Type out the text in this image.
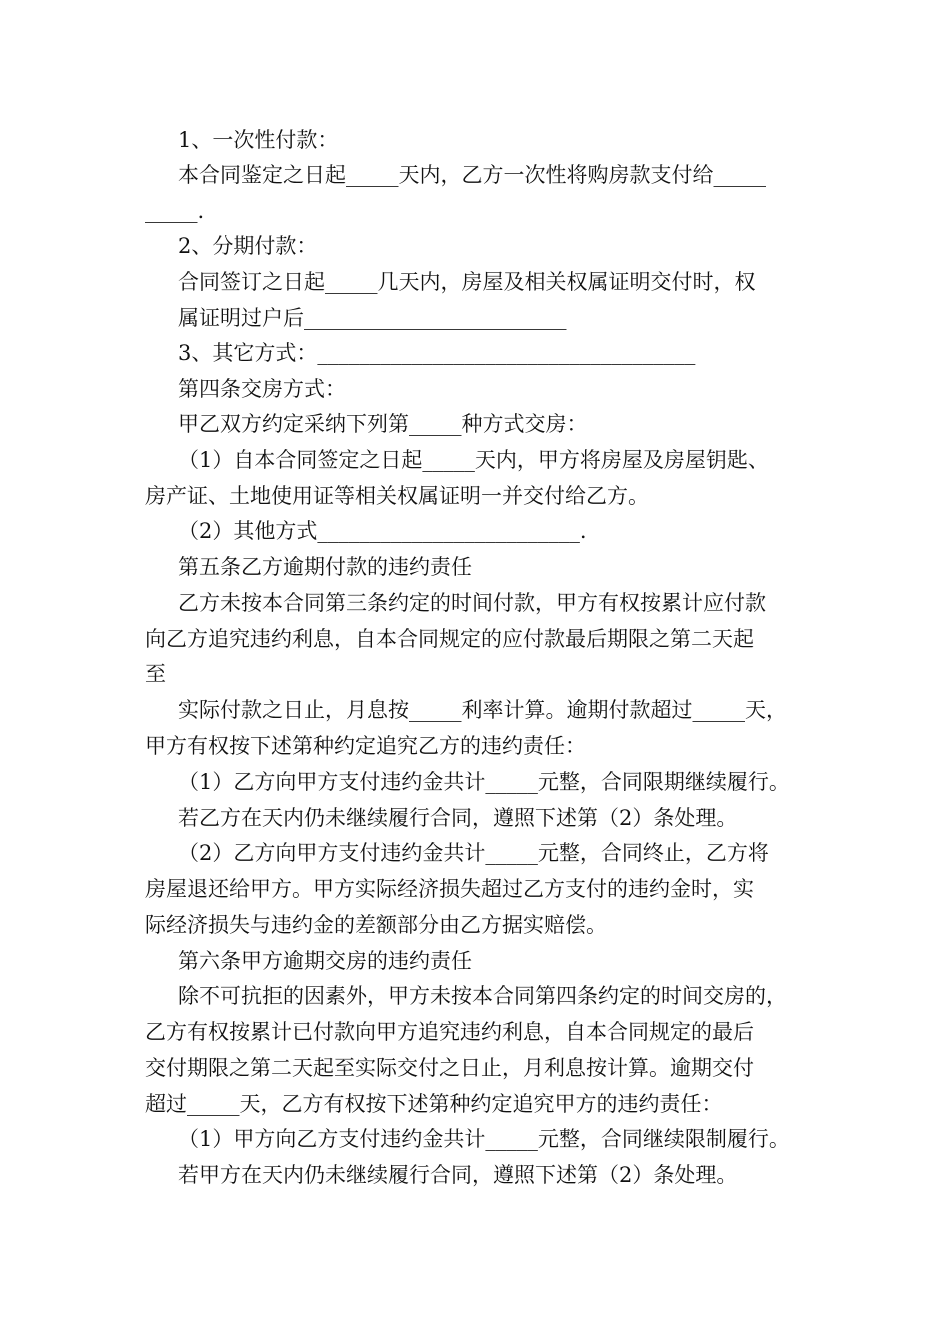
1、一次性付款：
本合同鉴定之日起_____天内，乙方一次性将购房款支付给_____
_____.
2、分期付款：
合同签订之日起_____几天内，房屋及相关权属证明交付时，权
属证明过户后_________________________
3、其它方式：____________________________________
第四条交房方式：
甲乙双方约定采纳下列第_____种方式交房：
（1）自本合同签定之日起_____天内，甲方将房屋及房屋钥匙、
房产证、土地使用证等相关权属证明一并交付给乙方。
（2）其他方式_________________________.
第五条乙方逾期付款的违约责任
乙方未按本合同第三条约定的时间付款，甲方有权按累计应付款
向乙方追究违约利息，自本合同规定的应付款最后期限之第二天起
至
实际付款之日止，月息按_____利率计算。逾期付款超过_____天，
甲方有权按下述第种约定追究乙方的违约责任：
（1）乙方向甲方支付违约金共计_____元整，合同限期继续履行。
若乙方在天内仍未继续履行合同，遵照下述第（2）条处理。
（2）乙方向甲方支付违约金共计_____元整，合同终止，乙方将
房屋退还给甲方。甲方实际经济损失超过乙方支付的违约金时，实
际经济损失与违约金的差额部分由乙方据实赔偿。
第六条甲方逾期交房的违约责任
除不可抗拒的因素外，甲方未按本合同第四条约定的时间交房的，
乙方有权按累计已付款向甲方追究违约利息，自本合同规定的最后
交付期限之第二天起至实际交付之日止，月利息按计算。逾期交付
超过_____天，乙方有权按下述第种约定追究甲方的违约责任：
（1）甲方向乙方支付违约金共计_____元整，合同继续限制履行。
若甲方在天内仍未继续履行合同，遵照下述第（2）条处理。
